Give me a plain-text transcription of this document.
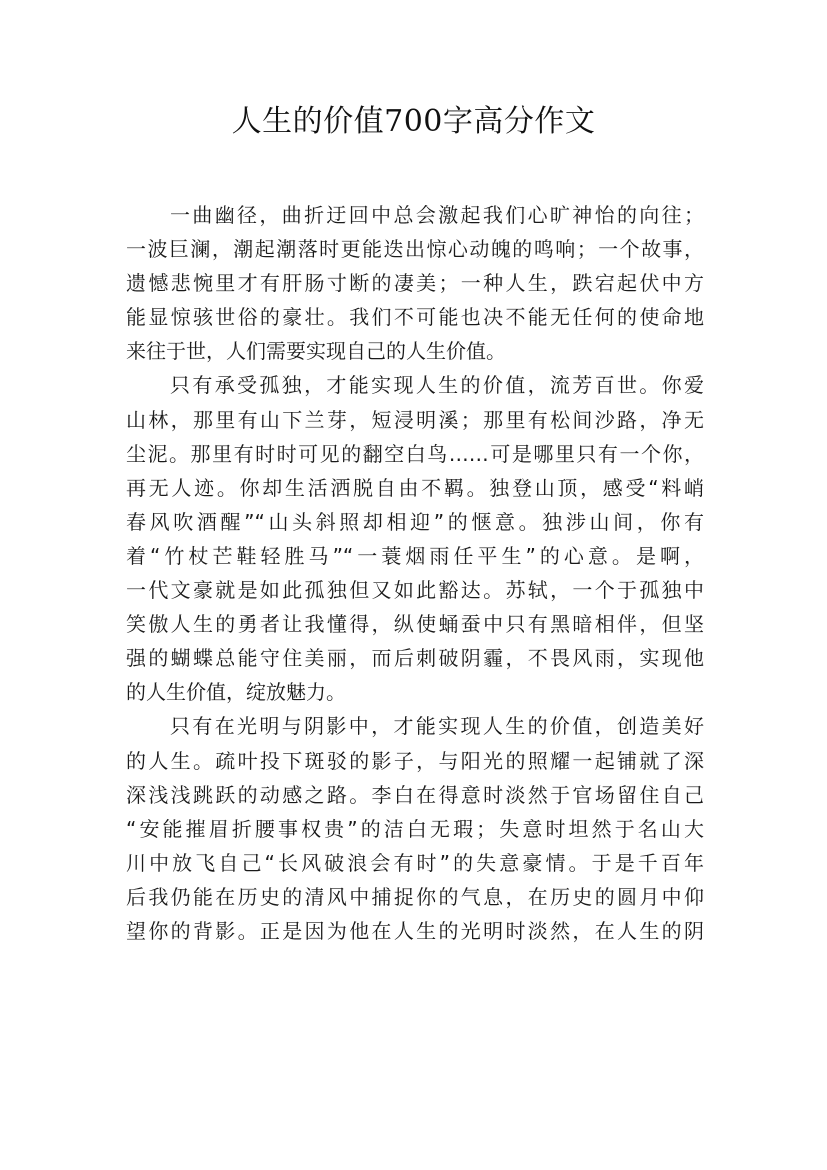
人生的价值700字高分作文
一曲幽径，曲折迂回中总会激起我们心旷神怡的向往；
一波巨澜，潮起潮落时更能迭出惊心动魄的鸣响；一个故事，
遗憾悲惋里才有肝肠寸断的凄美；一种人生，跌宕起伏中方
能显惊骇世俗的豪壮。我们不可能也决不能无任何的使命地
来往于世，人们需要实现自己的人生价值。
只有承受孤独，才能实现人生的价值，流芳百世。你爱
山林，那里有山下兰芽，短浸明溪；那里有松间沙路，净无
尘泥。那里有时时可见的翻空白鸟……可是哪里只有一个你，
再无人迹。你却生活洒脱自由不羁。独登山顶，感受“料峭
春风吹酒醒”“山头斜照却相迎”的惬意。独涉山间，你有
着“竹杖芒鞋轻胜马”“一蓑烟雨任平生”的心意。是啊，
一代文豪就是如此孤独但又如此豁达。苏轼，一个于孤独中
笑傲人生的勇者让我懂得，纵使蛹蚕中只有黑暗相伴，但坚
强的蝴蝶总能守住美丽，而后刺破阴霾，不畏风雨，实现他
的人生价值，绽放魅力。
只有在光明与阴影中，才能实现人生的价值，创造美好
的人生。疏叶投下斑驳的影子，与阳光的照耀一起铺就了深
深浅浅跳跃的动感之路。李白在得意时淡然于官场留住自己
“安能摧眉折腰事权贵”的洁白无瑕；失意时坦然于名山大
川中放飞自己“长风破浪会有时”的失意豪情。于是千百年
后我仍能在历史的清风中捕捉你的气息，在历史的圆月中仰
望你的背影。正是因为他在人生的光明时淡然，在人生的阴
